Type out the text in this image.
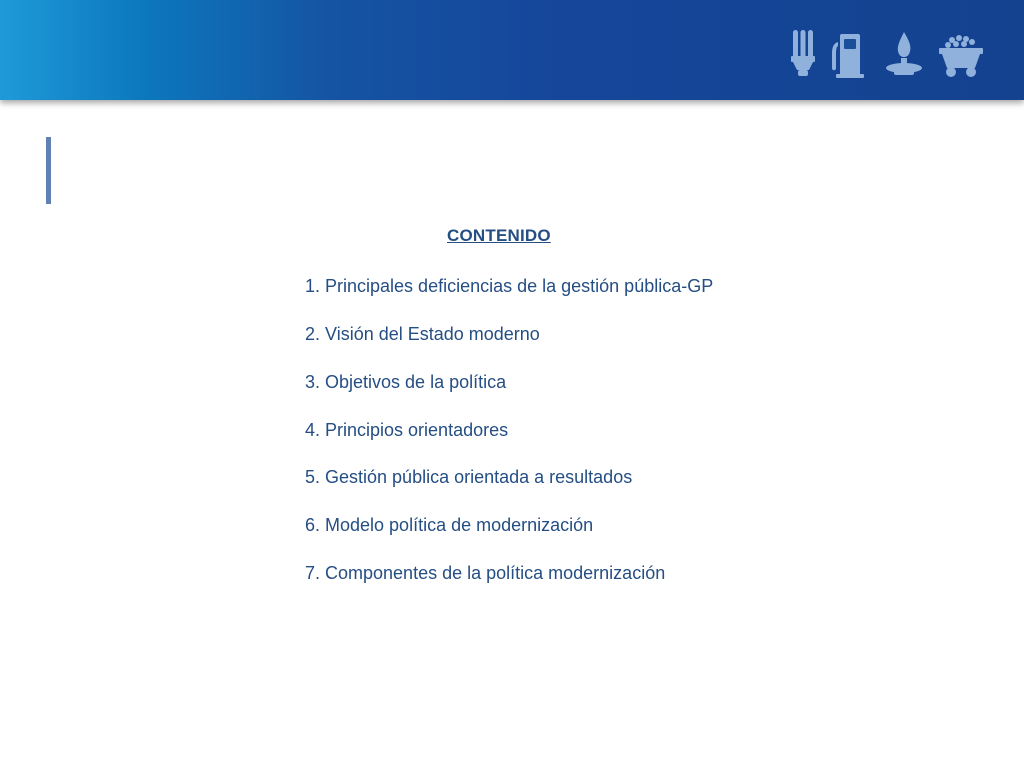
CONTENIDO
1. Principales deficiencias de la gestión pública-GP
2. Visión del Estado moderno
3. Objetivos de la política
4. Principios orientadores
5. Gestión pública orientada a resultados
6. Modelo política de modernización
7. Componentes de la política modernización
